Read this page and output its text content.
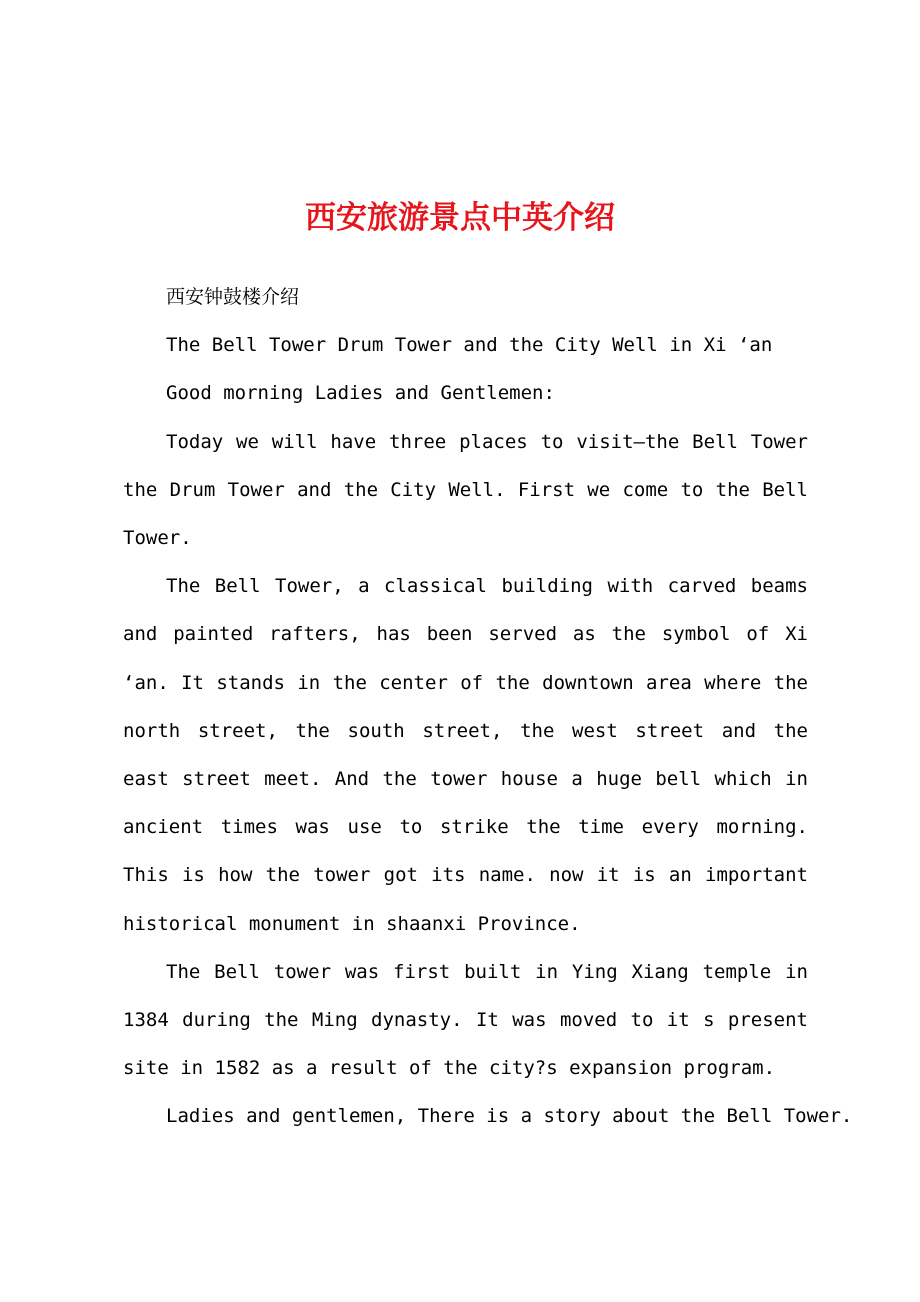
西安旅游景点中英介绍

西安钟鼓楼介绍

The Bell Tower Drum Tower and the City Well in Xi ‘an

Good morning Ladies and Gentlemen:

Today we will have three places to visit—the Bell Tower the Drum Tower and the City Well. First we come to the Bell Tower.

The Bell Tower, a classical building with carved beams and painted rafters, has been served as the symbol of Xi ‘an. It stands in the center of the downtown area where the north street, the south street, the west street and the east street meet. And the tower house a huge bell which in ancient times was use to strike the time every morning. This is how the tower got its name. now it is an important historical monument in shaanxi Province.

The Bell tower was first built in Ying Xiang temple in 1384 during the Ming dynasty. It was moved to it s present site in 1582 as a result of the city?s expansion program.

Ladies and gentlemen, There is a story about the Bell Tower.
